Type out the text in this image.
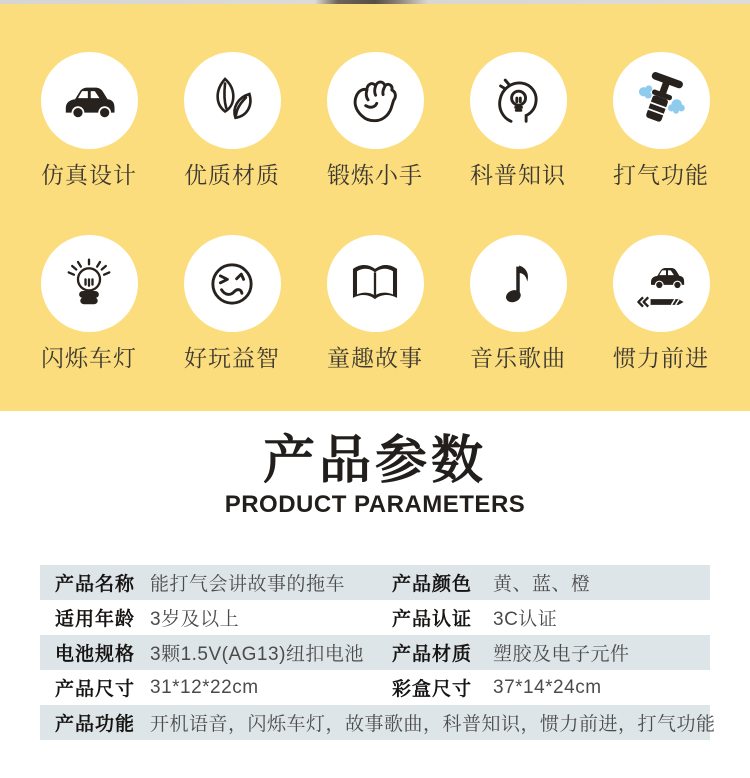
仿真设计 优质材质 锻炼小手 科普知识 打气功能
闪烁车灯 好玩益智 童趣故事 音乐歌曲 惯力前进
产品参数
PRODUCT PARAMETERS
产品名称 能打气会讲故事的拖车	产品颜色	黄、蓝、橙
适用年龄 3岁及以上	产品认证	3C认证
电池规格 3颗1.5V(AG13)纽扣电池	产品材质	塑胶及电子元件
产品尺寸 31*12*22cm	彩盒尺寸	37*14*24cm
产品功能 开机语音，闪烁车灯，故事歌曲，科普知识，惯力前进，打气功能
